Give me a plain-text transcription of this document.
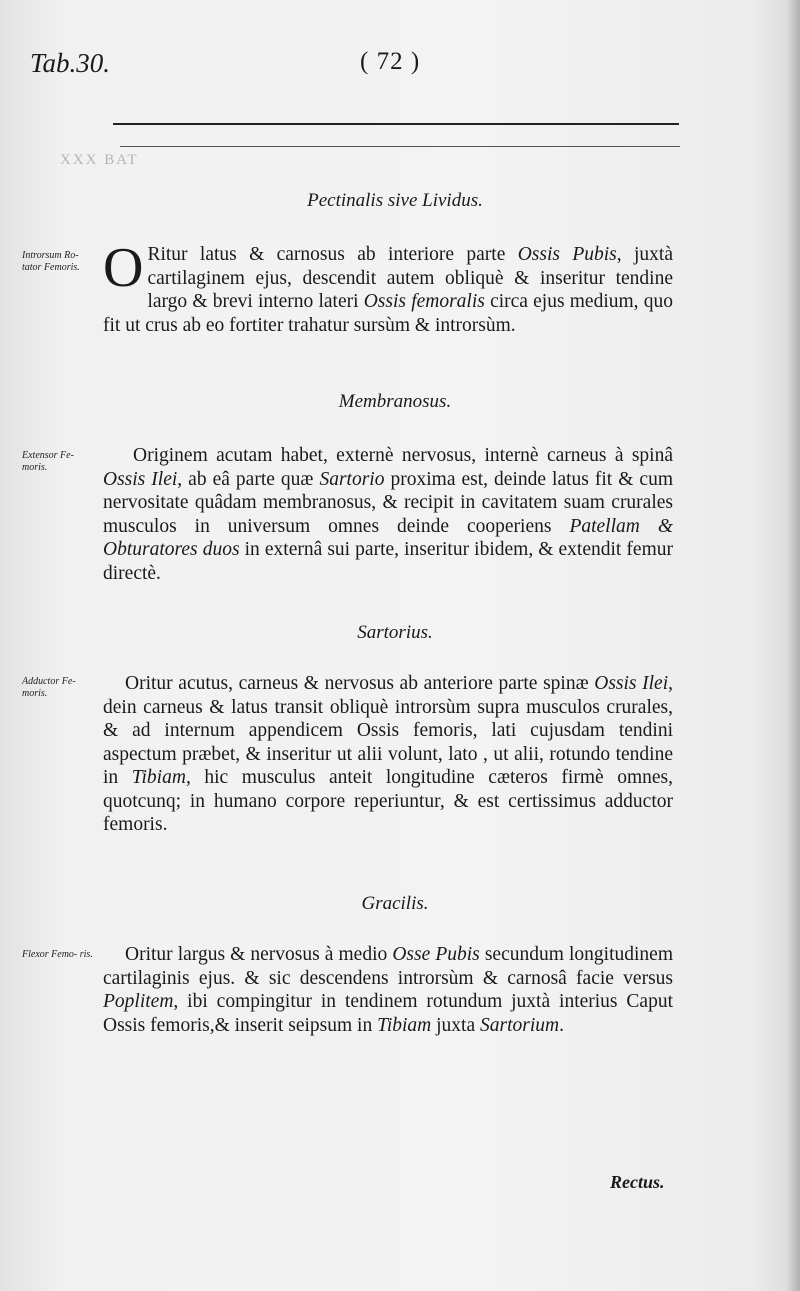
Tab.30.	( 72 )
XXX BAT
Pectinalis sive Lividus.
Introrsum Ro- tator Femoris. O Ritur latus & carnosus ab interiore parte Ossis Pubis, juxtà cartilaginem ejus, descendit autem obliquè & inseritur tendine largo & brevi interno lateri Ossis femoralis circa ejus medium, quo fit ut crus ab eo fortiter trahatur sursùm & introrsùm.
Membranosus.
Extensor Fe- moris.
Originem acutam habet, externè nervosus, internè carneus à spinâ Ossis Ilei, ab eâ parte quæ Sartorio proxima est, deinde latus fit & cum nervositate quâdam membranosus, & recipit in cavitatem suam crurales musculos in universum omnes deinde cooperiens Patellam & Obturatores duos in externâ sui parte, inseritur ibidem, & extendit femur directè.
Sartorius.
Adductor Fe- moris.	Oritur acutus, carneus & nervosus ab anteriore parte spinæ Ossis Ilei, dein carneus & latus transit obliquè introrsùm supra musculos crurales, & ad internum appendicem Ossis femoris, lati cujusdam tendini aspectum præbet, & inseritur ut alii volunt, lato , ut alii, rotundo tendine in Tibiam, hic musculus anteit longitudine cæteros firmè omnes, quotcunq; in humano corpore reperiuntur, & est certissimus adductor femoris.
Gracilis.
Flexor Femo- ris.	Oritur largus & nervosus à medio Osse Pubis secundum longitudinem cartilaginis ejus. & sic descendens introrsùm & carnosâ facie versus Poplitem, ibi compingitur in tendinem rotundum juxtà interius Caput Ossis femoris,& inserit seipsum in Tibiam juxta Sartorium.
Rectus.
